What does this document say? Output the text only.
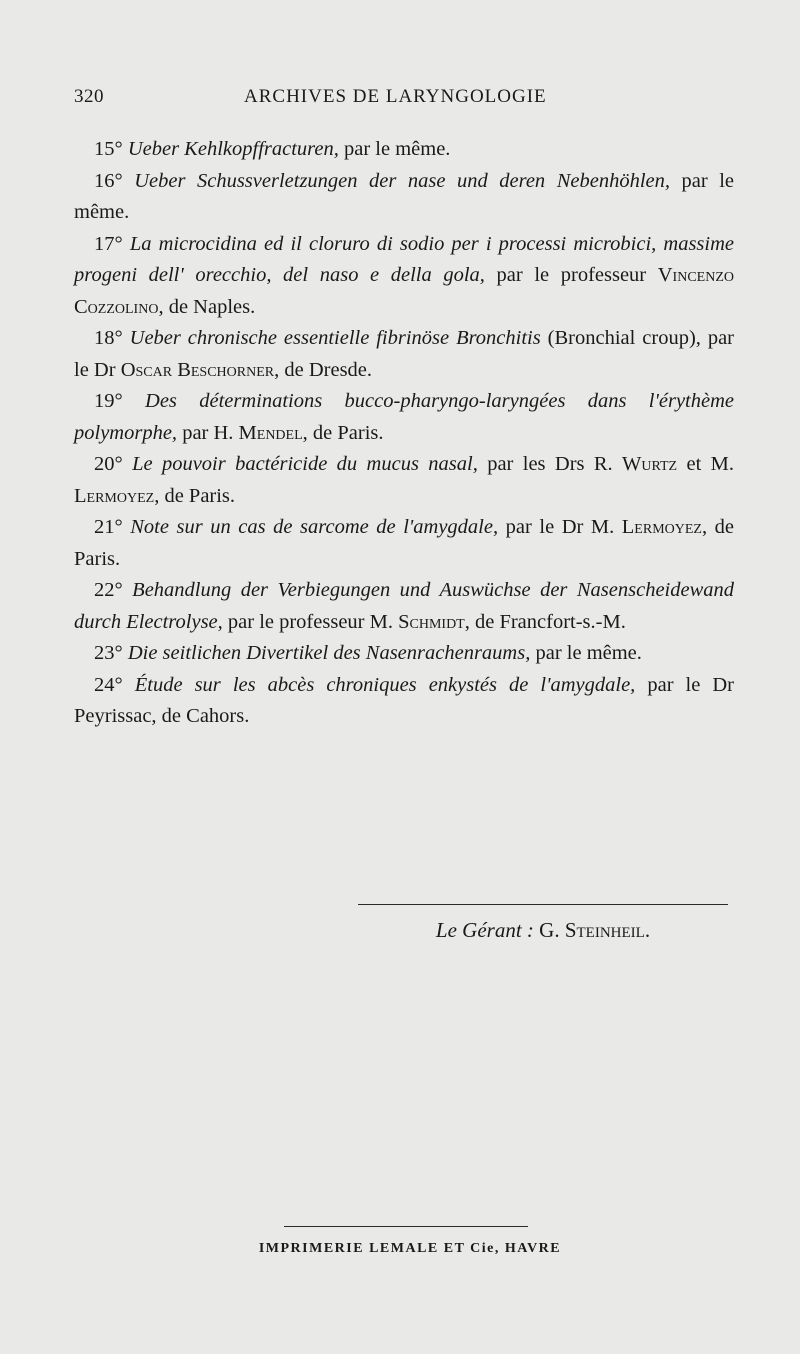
320	ARCHIVES DE LARYNGOLOGIE

15° Ueber Kehlkopffracturen, par le même.

16° Ueber Schussverletzungen der nase und deren Nebenhöhlen, par le même.

17° La microcidina ed il cloruro di sodio per i processi microbici, massime progeni dell' orecchio, del naso e della gola, par le professeur Vincenzo Cozzolino, de Naples.

18° Ueber chronische essentielle fibrinöse Bronchitis (Bronchial croup), par le Dr Oscar Beschorner, de Dresde.

19° Des déterminations bucco-pharyngo-laryngées dans l'érythème polymorphe, par H. Mendel, de Paris.

20° Le pouvoir bactéricide du mucus nasal, par les Drs R. Wurtz et M. Lermoyez, de Paris.

21° Note sur un cas de sarcome de l'amygdale, par le Dr M. Lermoyez, de Paris.

22° Behandlung der Verbiegungen und Auswüchse der Nasenscheidewand durch Electrolyse, par le professeur M. Schmidt, de Francfort-s.-M.

23° Die seitlichen Divertikel des Nasenrachenraums, par le même.

24° Étude sur les abcès chroniques enkystés de l'amygdale, par le Dr Peyrissac, de Cahors.

Le Gérant : G. Steinheil.
IMPRIMERIE LEMALE ET Cie, HAVRE
